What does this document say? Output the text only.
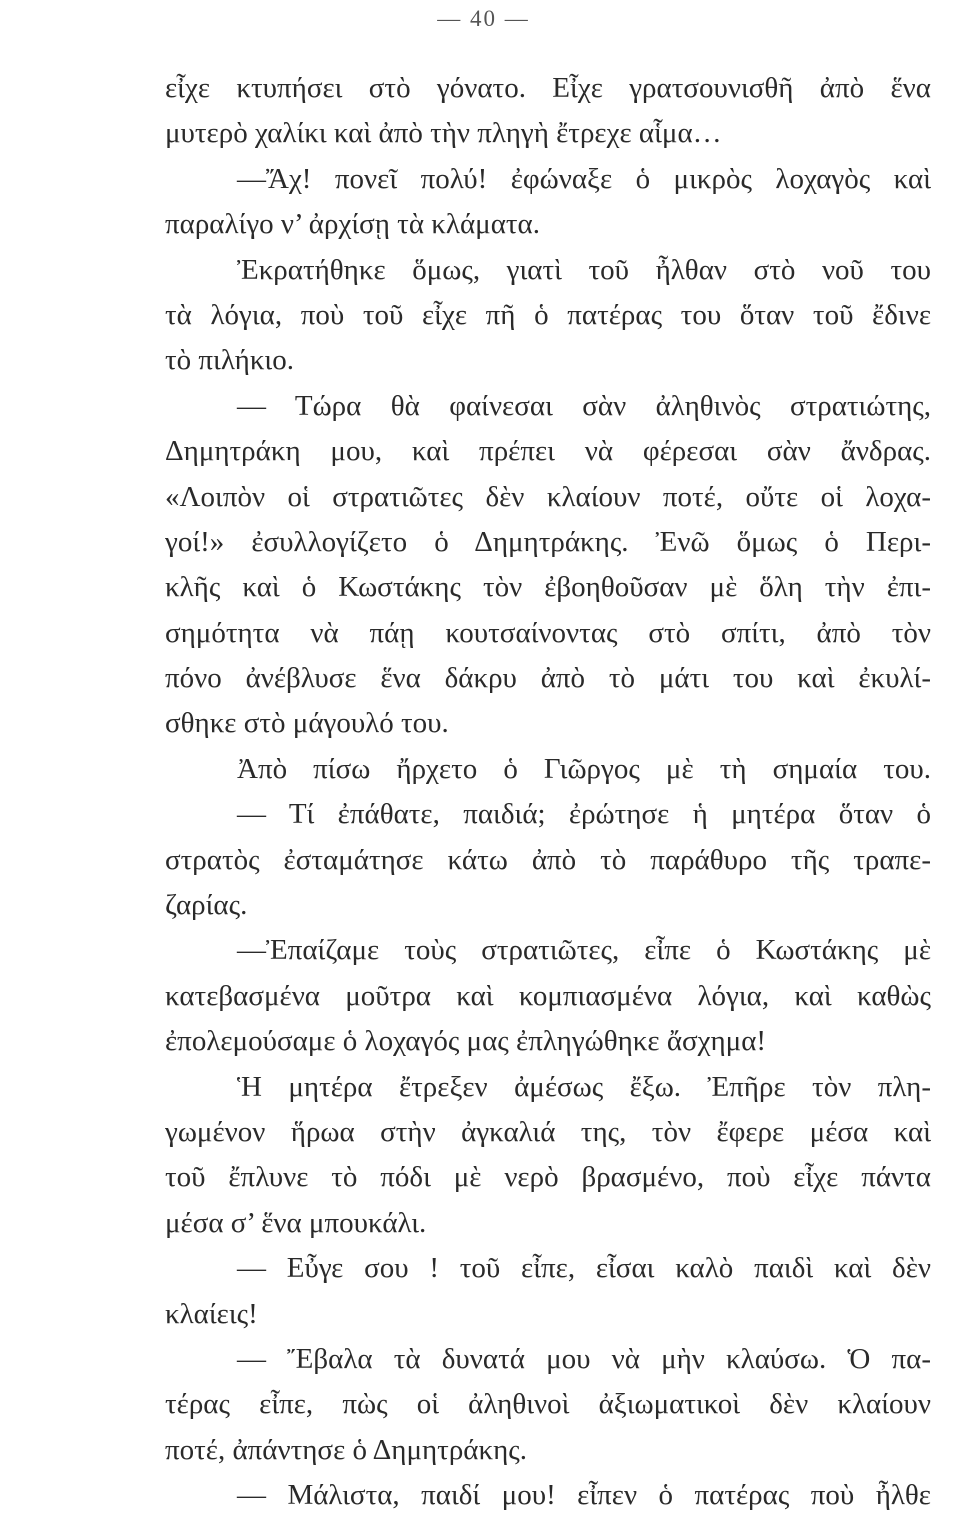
— 40 —
εἶχε κτυπήσει στὸ γόνατο. Εἶχε γρατσουνισθῆ ἀπὸ ἕνα
μυτερὸ χαλίκι καὶ ἀπὸ τὴν πληγὴ ἔτρεχε αἷμα…
—Ἄχ! πονεῖ πολύ! ἐφώναξε ὁ μικρὸς λοχαγὸς καὶ
παραλίγο ν’ ἀρχίσῃ τὰ κλάματα.
Ἐκρατήθηκε ὅμως, γιατὶ τοῦ ἦλθαν στὸ νοῦ του
τὰ λόγια, ποὺ τοῦ εἶχε πῆ ὁ πατέρας του ὅταν τοῦ ἔδινε
τὸ πιλήκιο.
— Τώρα θὰ φαίνεσαι σὰν ἀληθινὸς στρατιώτης,
Δημητράκη μου, καὶ πρέπει νὰ φέρεσαι σὰν ἄνδρας.
«Λοιπὸν οἱ στρατιῶτες δὲν κλαίουν ποτέ, οὔτε οἱ λοχα-
γοί!» ἐσυλλογίζετο ὁ Δημητράκης. Ἐνῶ ὅμως ὁ Περι-
κλῆς καὶ ὁ Κωστάκης τὸν ἐβοηθοῦσαν μὲ ὅλη τὴν ἐπι-
σημότητα νὰ πάῃ κουτσαίνοντας στὸ σπίτι, ἀπὸ τὸν
πόνο ἀνέβλυσε ἕνα δάκρυ ἀπὸ τὸ μάτι του καὶ ἐκυλί-
σθηκε στὸ μάγουλό του.
Ἀπὸ πίσω ἤρχετο ὁ Γιῶργος μὲ τὴ σημαία του.
— Τί ἐπάθατε, παιδιά; ἐρώτησε ἡ μητέρα ὅταν ὁ
στρατὸς ἐσταμάτησε κάτω ἀπὸ τὸ παράθυρο τῆς τραπε-
ζαρίας.
—Ἐπαίζαμε τοὺς στρατιῶτες, εἶπε ὁ Κωστάκης μὲ
κατεβασμένα μοῦτρα καὶ κομπιασμένα λόγια, καὶ καθὼς
ἐπολεμούσαμε ὁ λοχαγός μας ἐπληγώθηκε ἄσχημα!
Ἡ μητέρα ἔτρεξεν ἀμέσως ἔξω. Ἐπῆρε τὸν πλη-
γωμένον ἥρωα στὴν ἀγκαλιά της, τὸν ἔφερε μέσα καὶ
τοῦ ἔπλυνε τὸ πόδι μὲ νερὸ βρασμένο, ποὺ εἶχε πάντα
μέσα σ’ ἕνα μπουκάλι.
— Εὖγε σου ! τοῦ εἶπε, εἶσαι καλὸ παιδὶ καὶ δὲν
κλαίεις!
— Ἔβαλα τὰ δυνατά μου νὰ μὴν κλαύσω. Ὁ πα-
τέρας εἶπε, πὼς οἱ ἀληθινοὶ ἀξιωματικοὶ δὲν κλαίουν
ποτέ, ἀπάντησε ὁ Δημητράκης.
— Μάλιστα, παιδί μου! εἶπεν ὁ πατέρας ποὺ ἦλθε
